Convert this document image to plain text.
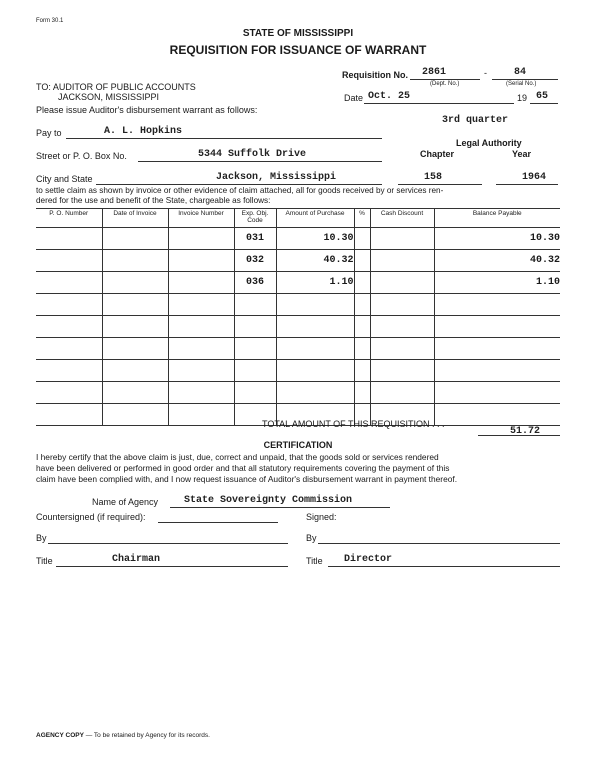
Form 30.1
STATE OF MISSISSIPPI
REQUISITION FOR ISSUANCE OF WARRANT
Requisition No. 2861	-	84
(Dept. No.)	(Serial No.)
TO: AUDITOR OF PUBLIC ACCOUNTS
JACKSON, MISSISSIPPI
Please issue Auditor's disbursement warrant as follows:
Date Oct. 25	19 65
3rd quarter
Legal Authority
Chapter	Year
Pay to	A. L. Hopkins
Street or P. O. Box No.	5344 Suffolk Drive
City and State	Jackson, Mississippi	158	1964
to settle claim as shown by invoice or other evidence of claim attached, all for goods received by or services ren-
dered for the use and benefit of the State, chargeable as follows:
P. O. Number	Date of Invoice	Invoice Number	Exp. Obj. Code	Amount of Purchase	%	Cash Discount	Balance Payable
			031	10.30			10.30
			032	40.32			40.32
			036	1.10			1.10

TOTAL AMOUNT OF THIS REQUISITION . . .
51.72
CERTIFICATION
I hereby certify that the above claim is just, due, correct and unpaid, that the goods sold or services rendered
have been delivered or performed in good order and that all statutory requirements covering the payment of this
claim have been complied with, and I now request issuance of Auditor's disbursement warrant in payment thereof.
Name of Agency	State Sovereignty Commission
Countersigned (if required):	Signed:
By	By
Title	Chairman	Title Director
AGENCY COPY — To be retained by Agency for its records.
